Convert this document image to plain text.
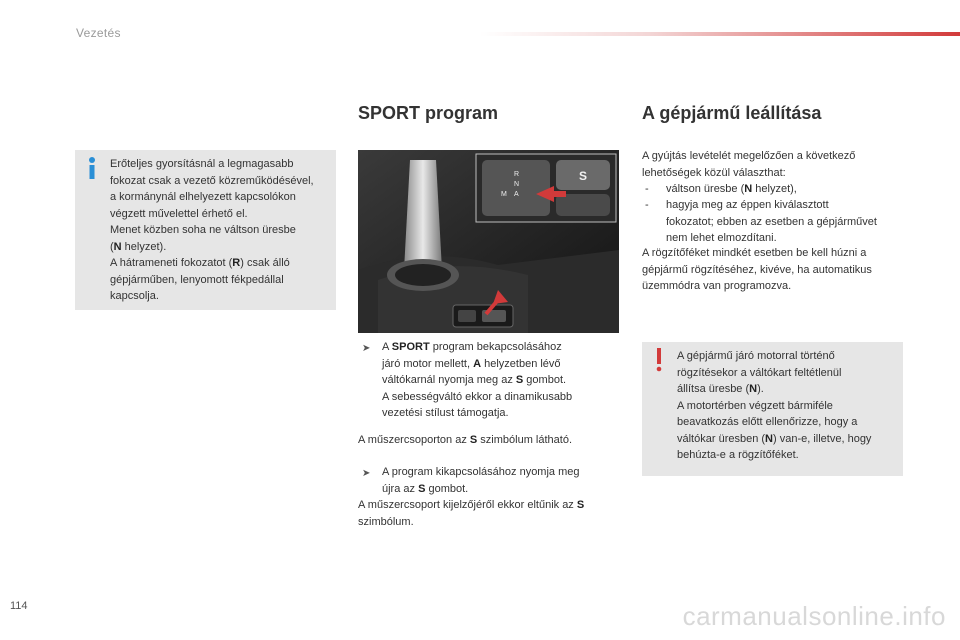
Vezetés
Erőteljes gyorsításnál a legmagasabb
fokozat csak a vezető közreműködésével,
a kormánynál elhelyezett kapcsolókon
végzett művelettel érhető el.
Menet közben soha ne váltson üresbe
(N helyzet).
A hátrameneti fokozatot (R) csak álló
gépjárműben, lenyomott fékpedállal
kapcsolja.
SPORT program
R
N
M A
S
➤ A SPORT program bekapcsolásához
járó motor mellett, A helyzetben lévő
váltókarnál nyomja meg az S gombot.
A sebességváltó ekkor a dinamikusabb
vezetési stílust támogatja.
A műszercsoporton az S szimbólum látható.
➤ A program kikapcsolásához nyomja meg
újra az S gombot.
A műszercsoport kijelzőjéről ekkor eltűnik az S
szimbólum.
A gépjármű leállítása
A gyújtás levételét megelőzően a következő
lehetőségek közül választhat:
- váltson üresbe (N helyzet),
- hagyja meg az éppen kiválasztott
fokozatot; ebben az esetben a gépjárművet
nem lehet elmozdítani.
A rögzítőféket mindkét esetben be kell húzni a
gépjármű rögzítéséhez, kivéve, ha automatikus
üzemmódra van programozva.
A gépjármű járó motorral történő
rögzítésekor a váltókart feltétlenül
állítsa üresbe (N).
A motortérben végzett bármiféle
beavatkozás előtt ellenőrizze, hogy a
váltókar üresben (N) van-e, illetve, hogy
behúzta-e a rögzítőféket.
114	carmanualsonline.info
